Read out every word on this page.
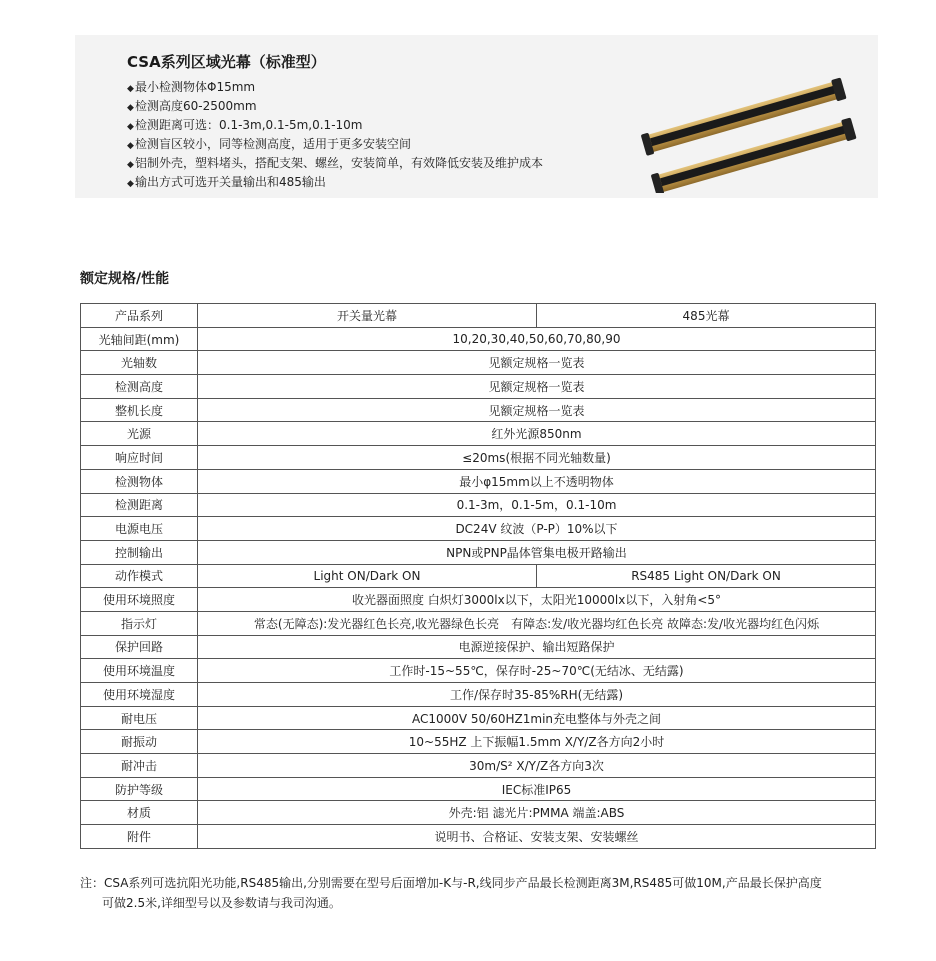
CSA系列区域光幕（标准型）
◆最小检测物体Φ15mm
◆检测高度60-2500mm
◆检测距离可选：0.1-3m,0.1-5m,0.1-10m
◆检测盲区较小，同等检测高度，适用于更多安装空间
◆铝制外壳，塑料堵头，搭配支架、螺丝，安装简单，有效降低安装及维护成本
◆输出方式可选开关量输出和485输出
额定规格/性能
产品系列	开关量光幕	485光幕
光轴间距(mm)	10,20,30,40,50,60,70,80,90	
光轴数	见额定规格一览表	
检测高度	见额定规格一览表	
整机长度	见额定规格一览表	
光源	红外光源850nm	
响应时间	≤20ms(根据不同光轴数量)	
检测物体	最小φ15mm以上不透明物体	
检测距离	0.1-3m，0.1-5m，0.1-10m	
电源电压	DC24V 纹波（P-P）10%以下	
控制输出	NPN或PNP晶体管集电极开路输出	
动作模式	Light ON/Dark ON	RS485 Light ON/Dark ON
使用环境照度	收光器面照度 白炽灯3000lx以下，太阳光10000lx以下，入射角<5°	
指示灯	常态(无障态):发光器红色长亮,收光器绿色长亮　有障态:发/收光器均红色长亮 故障态:发/收光器均红色闪烁	
保护回路	电源逆接保护、输出短路保护	
使用环境温度	工作时-15~55℃，保存时-25~70℃(无结冰、无结露)	
使用环境湿度	工作/保存时35-85%RH(无结露)	
耐电压	AC1000V 50/60HZ1min充电整体与外壳之间	
耐振动	10~55HZ 上下振幅1.5mm X/Y/Z各方向2小时	
耐冲击	30m/S² X/Y/Z各方向3次	
防护等级	IEC标准IP65	
材质	外壳:铝 滤光片:PMMA 端盖:ABS	
附件	说明书、合格证、安装支架、安装螺丝	
注：CSA系列可选抗阳光功能,RS485输出,分别需要在型号后面增加-K与-R,线同步产品最长检测距离3M,RS485可做10M,产品最长保护高度
可做2.5米,详细型号以及参数请与我司沟通。
